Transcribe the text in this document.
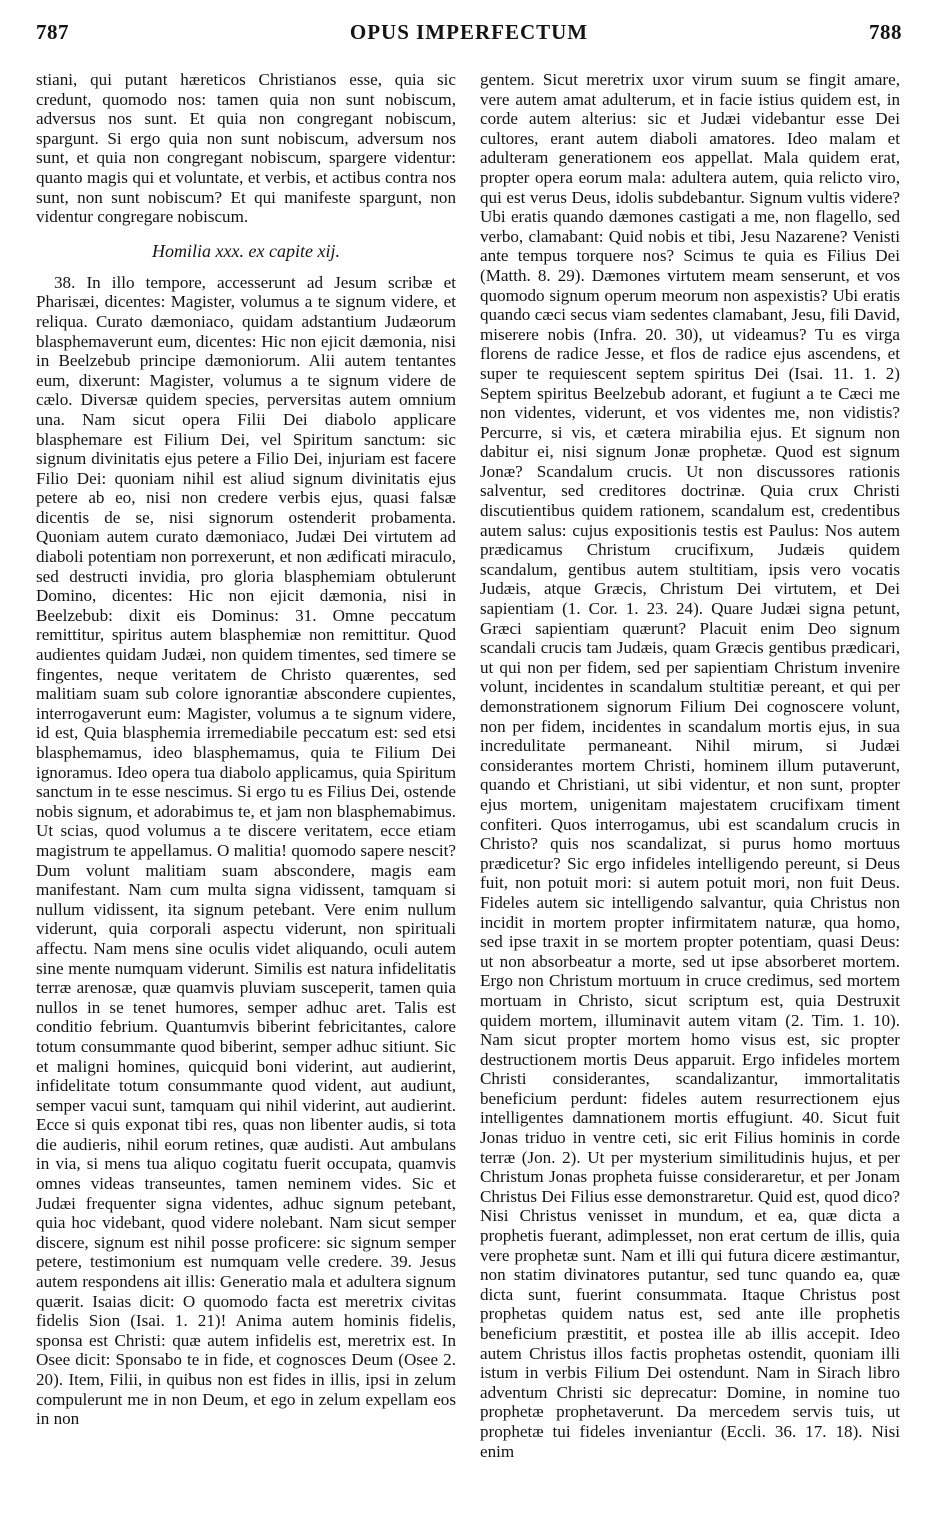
787	OPUS IMPERFECTUM	788

stiani, qui putant hæreticos Christianos esse, quia sic credunt, quomodo nos: tamen quia non sunt nobiscum, adversus nos sunt. Et quia non congregant nobiscum, spargunt. Si ergo quia non sunt nobiscum, adversum nos sunt, et quia non congregant nobiscum, spargere videntur: quanto magis qui et voluntate, et verbis, et actibus contra nos sunt, non sunt nobiscum? Et qui manifeste spargunt, non videntur congregare nobiscum.

Homilia xxx. ex capite xij.

38. In illo tempore, accesserunt ad Jesum scribæ et Pharisæi, dicentes: Magister, volumus a te signum videre, et reliqua. Curato dæmoniaco, quidam adstantium Judæorum blasphemaverunt eum, dicentes: Hic non ejicit dæmonia, nisi in Beelzebub principe dæmoniorum. Alii autem tentantes eum, dixerunt: Magister, volumus a te signum videre de cælo. Diversæ quidem species, perversitas autem omnium una. Nam sicut opera Filii Dei diabolo applicare blasphemare est Filium Dei, vel Spiritum sanctum: sic signum divinitatis ejus petere a Filio Dei, injuriam est facere Filio Dei: quoniam nihil est aliud signum divinitatis ejus petere ab eo, nisi non credere verbis ejus, quasi falsæ dicentis de se, nisi signorum ostenderit probamenta. Quoniam autem curato dæmoniaco, Judæi Dei virtutem ad diaboli potentiam non porrexerunt, et non ædificati miraculo, sed destructi invidia, pro gloria blasphemiam obtulerunt Domino, dicentes: Hic non ejicit dæmonia, nisi in Beelzebub: dixit eis Dominus: 31. Omne peccatum remittitur, spiritus autem blasphemiæ non remittitur. Quod audientes quidam Judæi, non quidem timentes, sed timere se fingentes, neque veritatem de Christo quærentes, sed malitiam suam sub colore ignorantiæ abscondere cupientes, interrogaverunt eum: Magister, volumus a te signum videre, id est, Quia blasphemia irremediabile peccatum est: sed etsi blasphemamus, ideo blasphemamus, quia te Filium Dei ignoramus. Ideo opera tua diabolo applicamus, quia Spiritum sanctum in te esse nescimus. Si ergo tu es Filius Dei, ostende nobis signum, et adorabimus te, et jam non blasphemabimus. Ut scias, quod volumus a te discere veritatem, ecce etiam magistrum te appellamus. O malitia! quomodo sapere nescit? Dum volunt malitiam suam abscondere, magis eam manifestant. Nam cum multa signa vidissent, tamquam si nullum vidissent, ita signum petebant. Vere enim nullum viderunt, quia corporali aspectu viderunt, non spirituali affectu. Nam mens sine oculis videt aliquando, oculi autem sine mente numquam viderunt. Similis est natura infidelitatis terræ arenosæ, quæ quamvis pluviam susceperit, tamen quia nullos in se tenet humores, semper adhuc aret. Talis est conditio febrium. Quantumvis biberint febricitantes, calore totum consummante quod biberint, semper adhuc sitiunt. Sic et maligni homines, quicquid boni viderint, aut audierint, infidelitate totum consummante quod vident, aut audiunt, semper vacui sunt, tamquam qui nihil viderint, aut audierint. Ecce si quis exponat tibi res, quas non libenter audis, si tota die audieris, nihil eorum retines, quæ audisti. Aut ambulans in via, si mens tua aliquo cogitatu fuerit occupata, quamvis omnes videas transeuntes, tamen neminem vides. Sic et Judæi frequenter signa videntes, adhuc signum petebant, quia hoc videbant, quod videre nolebant. Nam sicut semper discere, signum est nihil posse proficere: sic signum semper petere, testimonium est numquam velle credere. 39. Jesus autem respondens ait illis: Generatio mala et adultera signum quærit. Isaias dicit: O quomodo facta est meretrix civitas fidelis Sion (Isai. 1. 21)! Anima autem hominis fidelis, sponsa est Christi: quæ autem infidelis est, meretrix est. In Osee dicit: Sponsabo te in fide, et cognosces Deum (Osee 2. 20). Item, Filii, in quibus non est fides in illis, ipsi in zelum compulerunt me in non Deum, et ego in zelum expellam eos in non

gentem. Sicut meretrix uxor virum suum se fingit amare, vere autem amat adulterum, et in facie istius quidem est, in corde autem alterius: sic et Judæi videbantur esse Dei cultores, erant autem diaboli amatores. Ideo malam et adulteram generationem eos appellat. Mala quidem erat, propter opera eorum mala: adultera autem, quia relicto viro, qui est verus Deus, idolis subdebantur. Signum vultis videre? Ubi eratis quando dæmones castigati a me, non flagello, sed verbo, clamabant: Quid nobis et tibi, Jesu Nazarene? Venisti ante tempus torquere nos? Scimus te quia es Filius Dei (Matth. 8. 29). Dæmones virtutem meam senserunt, et vos quomodo signum operum meorum non aspexistis? Ubi eratis quando cæci secus viam sedentes clamabant, Jesu, fili David, miserere nobis (Infra. 20. 30), ut videamus? Tu es virga florens de radice Jesse, et flos de radice ejus ascendens, et super te requiescent septem spiritus Dei (Isai. 11. 1. 2) Septem spiritus Beelzebub adorant, et fugiunt a te Cæci me non videntes, viderunt, et vos videntes me, non vidistis? Percurre, si vis, et cætera mirabilia ejus. Et signum non dabitur ei, nisi signum Jonæ prophetæ. Quod est signum Jonæ? Scandalum crucis. Ut non discussores rationis salventur, sed creditores doctrinæ. Quia crux Christi discutientibus quidem rationem, scandalum est, credentibus autem salus: cujus expositionis testis est Paulus: Nos autem prædicamus Christum crucifixum, Judæis quidem scandalum, gentibus autem stultitiam, ipsis vero vocatis Judæis, atque Græcis, Christum Dei virtutem, et Dei sapientiam (1. Cor. 1. 23. 24). Quare Judæi signa petunt, Græci sapientiam quærunt? Placuit enim Deo signum scandali crucis tam Judæis, quam Græcis gentibus prædicari, ut qui non per fidem, sed per sapientiam Christum invenire volunt, incidentes in scandalum stultitiæ pereant, et qui per demonstrationem signorum Filium Dei cognoscere volunt, non per fidem, incidentes in scandalum mortis ejus, in sua incredulitate permaneant. Nihil mirum, si Judæi considerantes mortem Christi, hominem illum putaverunt, quando et Christiani, ut sibi videntur, et non sunt, propter ejus mortem, unigenitam majestatem crucifixam timent confiteri. Quos interrogamus, ubi est scandalum crucis in Christo? quis nos scandalizat, si purus homo mortuus prædicetur? Sic ergo infideles intelligendo pereunt, si Deus fuit, non potuit mori: si autem potuit mori, non fuit Deus. Fideles autem sic intelligendo salvantur, quia Christus non incidit in mortem propter infirmitatem naturæ, qua homo, sed ipse traxit in se mortem propter potentiam, quasi Deus: ut non absorbeatur a morte, sed ut ipse absorberet mortem. Ergo non Christum mortuum in cruce credimus, sed mortem mortuam in Christo, sicut scriptum est, quia Destruxit quidem mortem, illuminavit autem vitam (2. Tim. 1. 10). Nam sicut propter mortem homo visus est, sic propter destructionem mortis Deus apparuit. Ergo infideles mortem Christi considerantes, scandalizantur, immortalitatis beneficium perdunt: fideles autem resurrectionem ejus intelligentes damnationem mortis effugiunt. 40. Sicut fuit Jonas triduo in ventre ceti, sic erit Filius hominis in corde terræ (Jon. 2). Ut per mysterium similitudinis hujus, et per Christum Jonas propheta fuisse consideraretur, et per Jonam Christus Dei Filius esse demonstraretur. Quid est, quod dico? Nisi Christus venisset in mundum, et ea, quæ dicta a prophetis fuerant, adimplesset, non erat certum de illis, quia vere prophetæ sunt. Nam et illi qui futura dicere æstimantur, non statim divinatores putantur, sed tunc quando ea, quæ dicta sunt, fuerint consummata. Itaque Christus post prophetas quidem natus est, sed ante ille prophetis beneficium præstitit, et postea ille ab illis accepit. Ideo autem Christus illos factis prophetas ostendit, quoniam illi istum in verbis Filium Dei ostendunt. Nam in Sirach libro adventum Christi sic deprecatur: Domine, in nomine tuo prophetæ prophetaverunt. Da mercedem servis tuis, ut prophetæ tui fideles inveniantur (Eccli. 36. 17. 18). Nisi enim
